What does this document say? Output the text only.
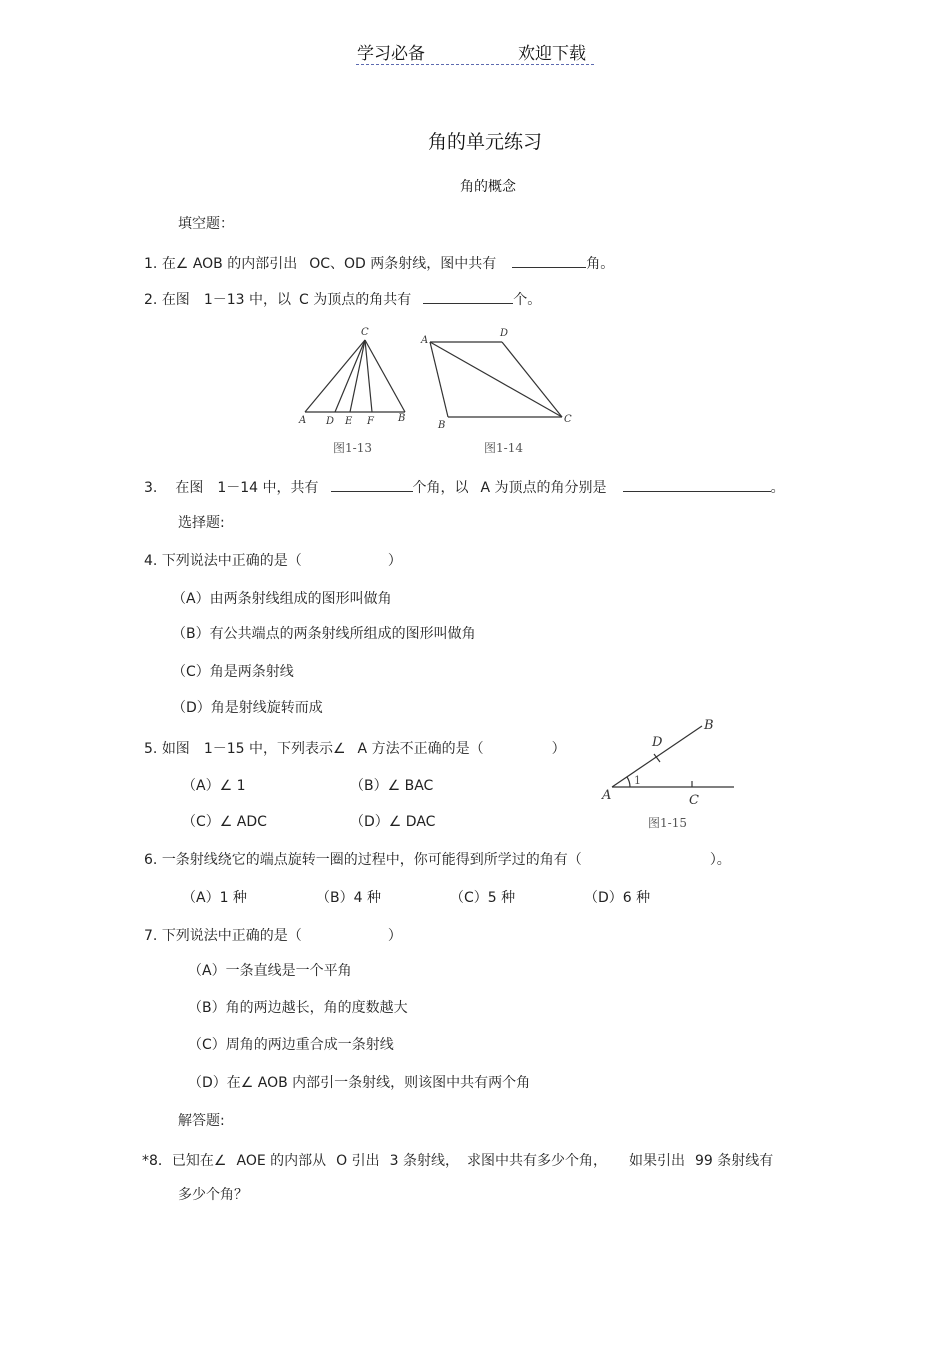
学习必备	欢迎下载
角的单元练习
角的概念
填空题：
1. 在∠ AOB 的内部引出 OC、OD 两条射线，图中共有	角。
2. 在图 1－13 中，以 C 为顶点的角共有	个。
C
A D E F B
图1-13
A
D
B
C
图1-14
3. 在图 1－14 中，共有	个角，以 A 为顶点的角分别是	。
选择题:
4. 下列说法中正确的是（	）
（A）由两条射线组成的图形叫做角
（B）有公共端点的两条射线所组成的图形叫做角
（C）角是两条射线
（D）角是射线旋转而成
5. 如图 1－15 中，下列表示∠ A 方法不正确的是（	）
（A）∠ 1	（B）∠ BAC
（C）∠ ADC	（D）∠ DAC
B
D
1
A	C
图1-15
6. 一条射线绕它的端点旋转一圈的过程中，你可能得到所学过的角有（	）。
（A）1 种	（B）4 种	（C）5 种	（D）6 种
7. 下列说法中正确的是（	）
（A）一条直线是一个平角
（B）角的两边越长，角的度数越大
（C）周角的两边重合成一条射线
（D）在∠ AOB 内部引一条射线，则该图中共有两个角
解答题:
*8．已知在∠ AOE 的内部从 O 引出 3 条射线， 求图中共有多少个角， 如果引出 99 条射线有
多少个角？
